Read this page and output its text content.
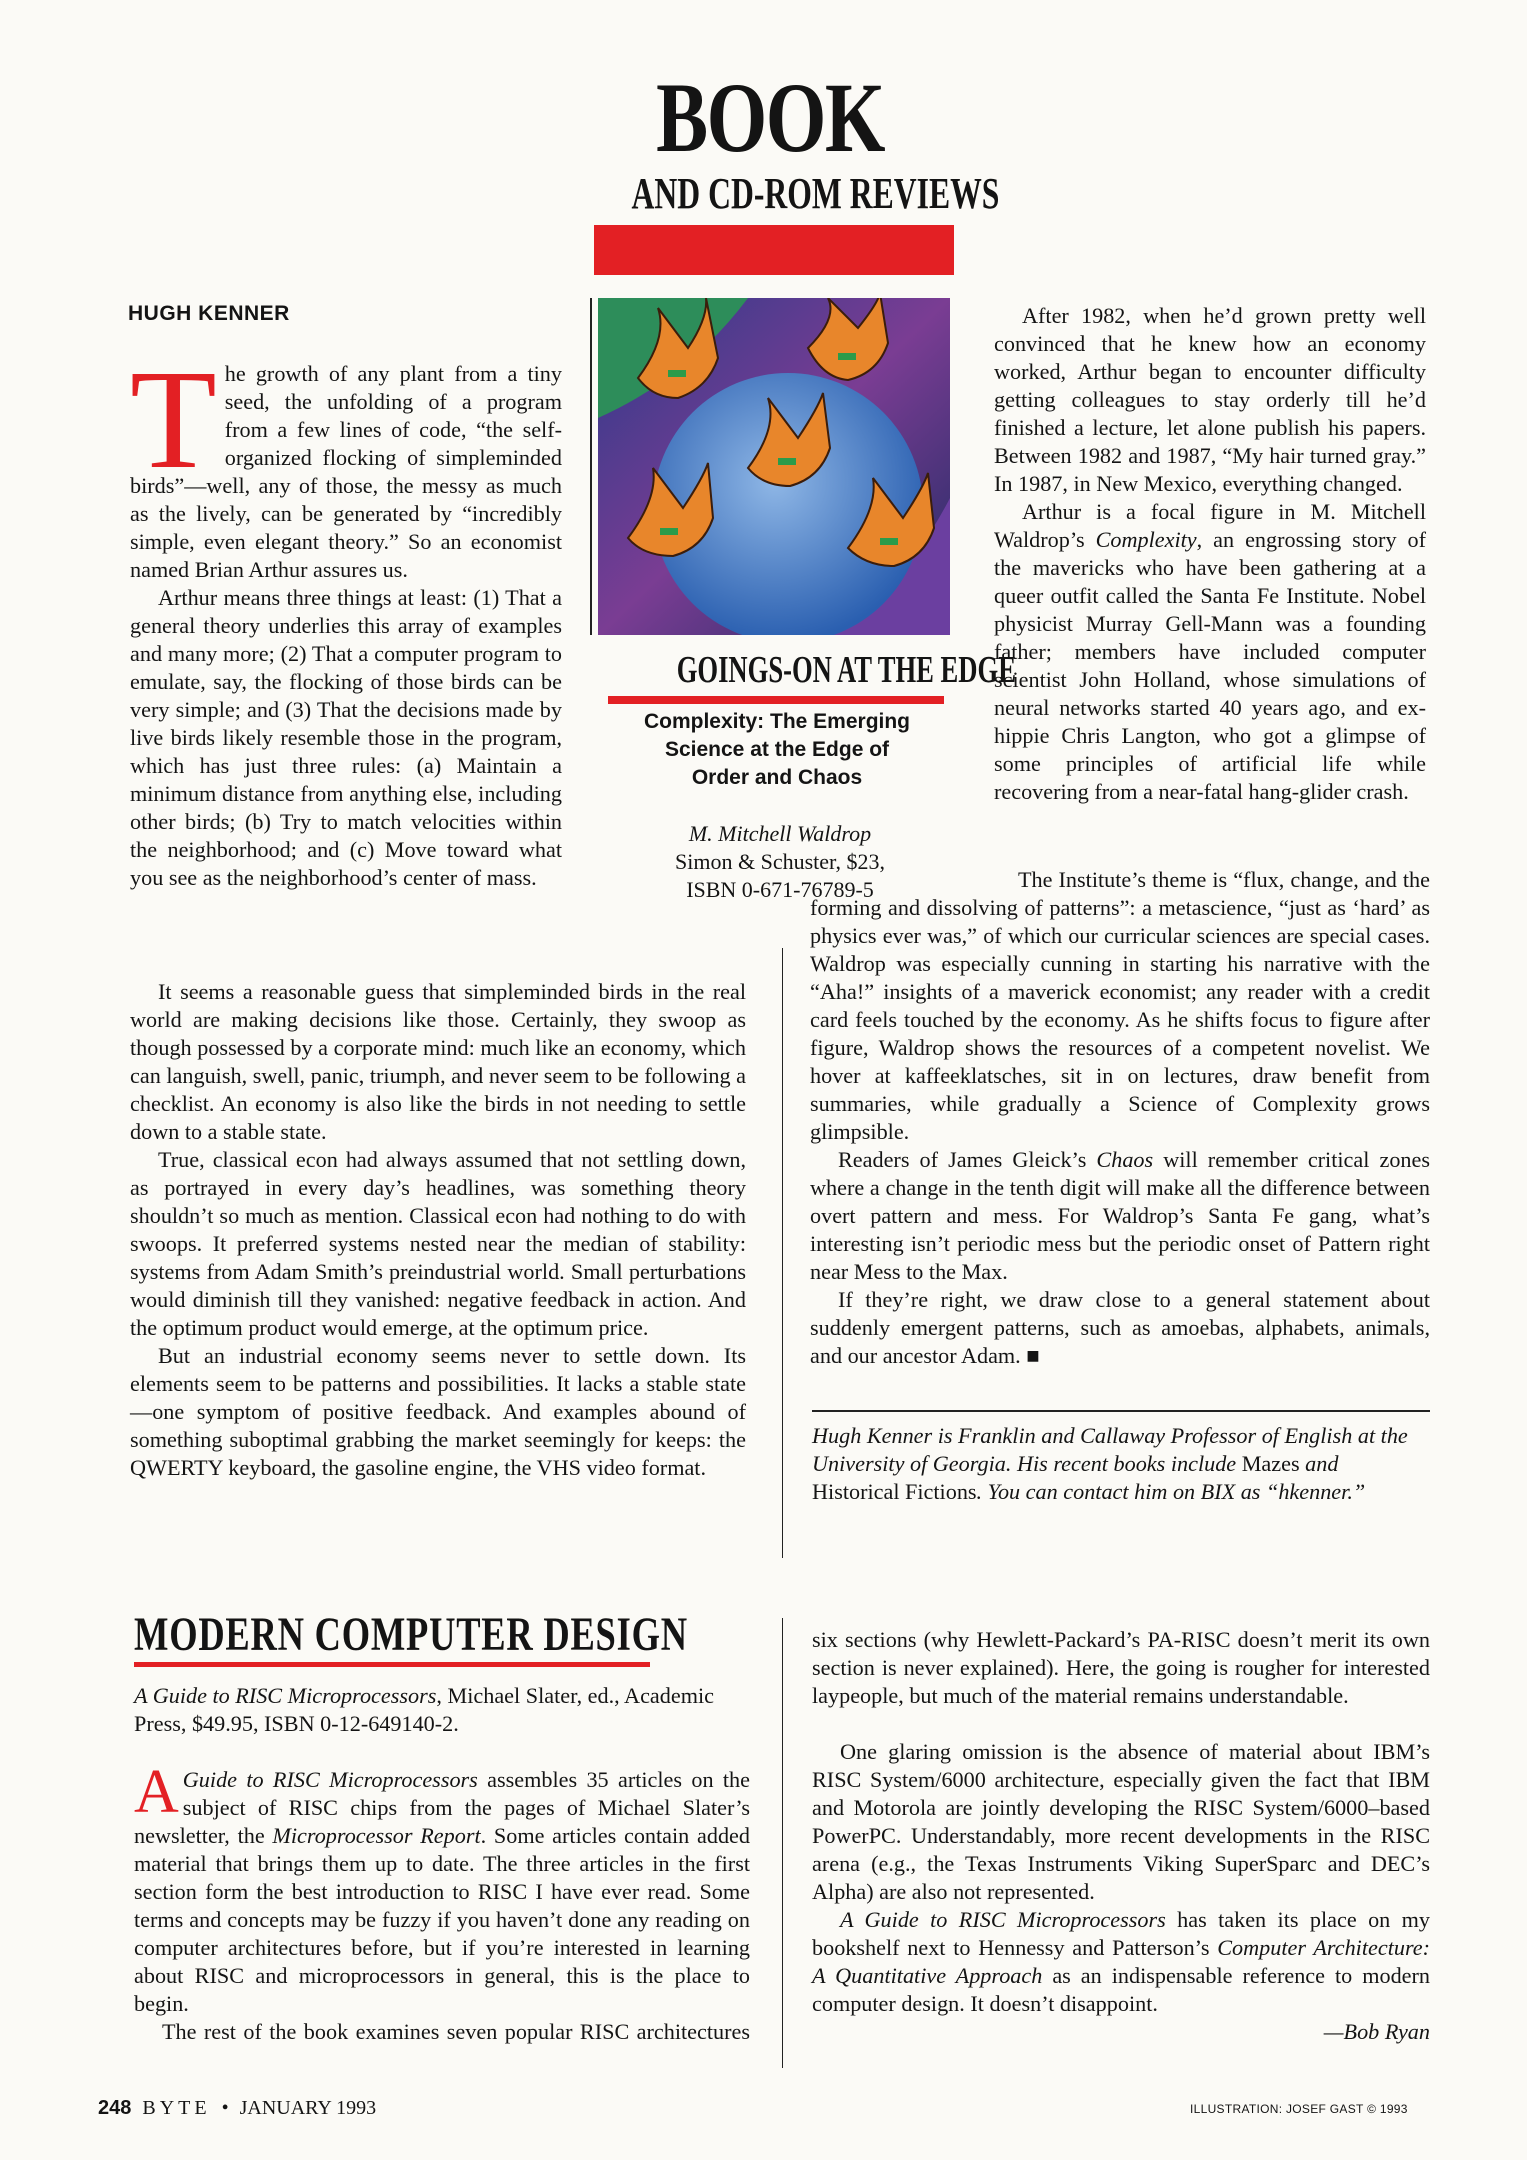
BOOK
AND CD-ROM REVIEWS
HUGH KENNER

The growth of any plant from a tiny seed, the unfolding of a program from a few lines of code, “the self-organized flocking of simpleminded birds”—well, any of those, the messy as much as the lively, can be generated by “incredibly simple, even elegant theory.” So an economist named Brian Arthur assures us.

Arthur means three things at least: (1) That a general theory underlies this array of examples and many more; (2) That a computer program to emulate, say, the flocking of those birds can be very simple; and (3) That the decisions made by live birds likely resemble those in the program, which has just three rules: (a) Maintain a minimum distance from anything else, including other birds; (b) Try to match velocities within the neighborhood; and (c) Move toward what you see as the neighborhood’s center of mass.

It seems a reasonable guess that simpleminded birds in the real world are making decisions like those. Certainly, they swoop as though possessed by a corporate mind: much like an economy, which can languish, swell, panic, triumph, and never seem to be following a checklist. An economy is also like the birds in not needing to settle down to a stable state.

True, classical econ had always assumed that not settling down, as portrayed in every day’s headlines, was something theory shouldn’t so much as mention. Classical econ had nothing to do with swoops. It preferred systems nested near the median of stability: systems from Adam Smith’s preindustrial world. Small perturbations would diminish till they vanished: negative feedback in action. And the optimum product would emerge, at the optimum price.

But an industrial economy seems never to settle down. Its elements seem to be patterns and possibilities. It lacks a stable state—one symptom of positive feedback. And examples abound of something suboptimal grabbing the market seemingly for keeps: the QWERTY keyboard, the gasoline engine, the VHS video format.

GOINGS-ON AT THE EDGE
Complexity: The Emerging Science at the Edge of Order and Chaos
M. Mitchell Waldrop
Simon & Schuster, $23,
ISBN 0-671-76789-5

After 1982, when he’d grown pretty well convinced that he knew how an economy worked, Arthur began to encounter difficulty getting colleagues to stay orderly till he’d finished a lecture, let alone publish his papers. Between 1982 and 1987, “My hair turned gray.” In 1987, in New Mexico, everything changed.

Arthur is a focal figure in M. Mitchell Waldrop’s Complexity, an engrossing story of the mavericks who have been gathering at a queer outfit called the Santa Fe Institute. Nobel physicist Murray Gell-Mann was a founding father; members have included computer scientist John Holland, whose simulations of neural networks started 40 years ago, and ex-hippie Chris Langton, who got a glimpse of some principles of artificial life while recovering from a near-fatal hang-glider crash.

The Institute’s theme is “flux, change, and the forming and dissolving of patterns”: a metascience, “just as ‘hard’ as physics ever was,” of which our curricular sciences are special cases. Waldrop was especially cunning in starting his narrative with the “Aha!” insights of a maverick economist; any reader with a credit card feels touched by the economy. As he shifts focus to figure after figure, Waldrop shows the resources of a competent novelist. We hover at kaffeeklatsches, sit in on lectures, draw benefit from summaries, while gradually a Science of Complexity grows glimpsible.

Readers of James Gleick’s Chaos will remember critical zones where a change in the tenth digit will make all the difference between overt pattern and mess. For Waldrop’s Santa Fe gang, what’s interesting isn’t periodic mess but the periodic onset of Pattern right near Mess to the Max.

If they’re right, we draw close to a general statement about suddenly emergent patterns, such as amoebas, alphabets, animals, and our ancestor Adam. ■

Hugh Kenner is Franklin and Callaway Professor of English at the University of Georgia. His recent books include Mazes and Historical Fictions. You can contact him on BIX as “hkenner.”

MODERN COMPUTER DESIGN

A Guide to RISC Microprocessors, Michael Slater, ed., Academic Press, $49.95, ISBN 0-12-649140-2.

A Guide to RISC Microprocessors assembles 35 articles on the subject of RISC chips from the pages of Michael Slater’s newsletter, the Microprocessor Report. Some articles contain added material that brings them up to date. The three articles in the first section form the best introduction to RISC I have ever read. Some terms and concepts may be fuzzy if you haven’t done any reading on computer architectures before, but if you’re interested in learning about RISC and microprocessors in general, this is the place to begin.

The rest of the book examines seven popular RISC architectures

six sections (why Hewlett-Packard’s PA-RISC doesn’t merit its own section is never explained). Here, the going is rougher for interested laypeople, but much of the material remains understandable.

One glaring omission is the absence of material about IBM’s RISC System/6000 architecture, especially given the fact that IBM and Motorola are jointly developing the RISC System/6000–based PowerPC. Understandably, more recent developments in the RISC arena (e.g., the Texas Instruments Viking SuperSparc and DEC’s Alpha) are also not represented.

A Guide to RISC Microprocessors has taken its place on my bookshelf next to Hennessy and Patterson’s Computer Architecture: A Quantitative Approach as an indispensable reference to modern computer design. It doesn’t disappoint.

—Bob Ryan

248 BYTE • JANUARY 1993	ILLUSTRATION: JOSEF GAST © 1993
